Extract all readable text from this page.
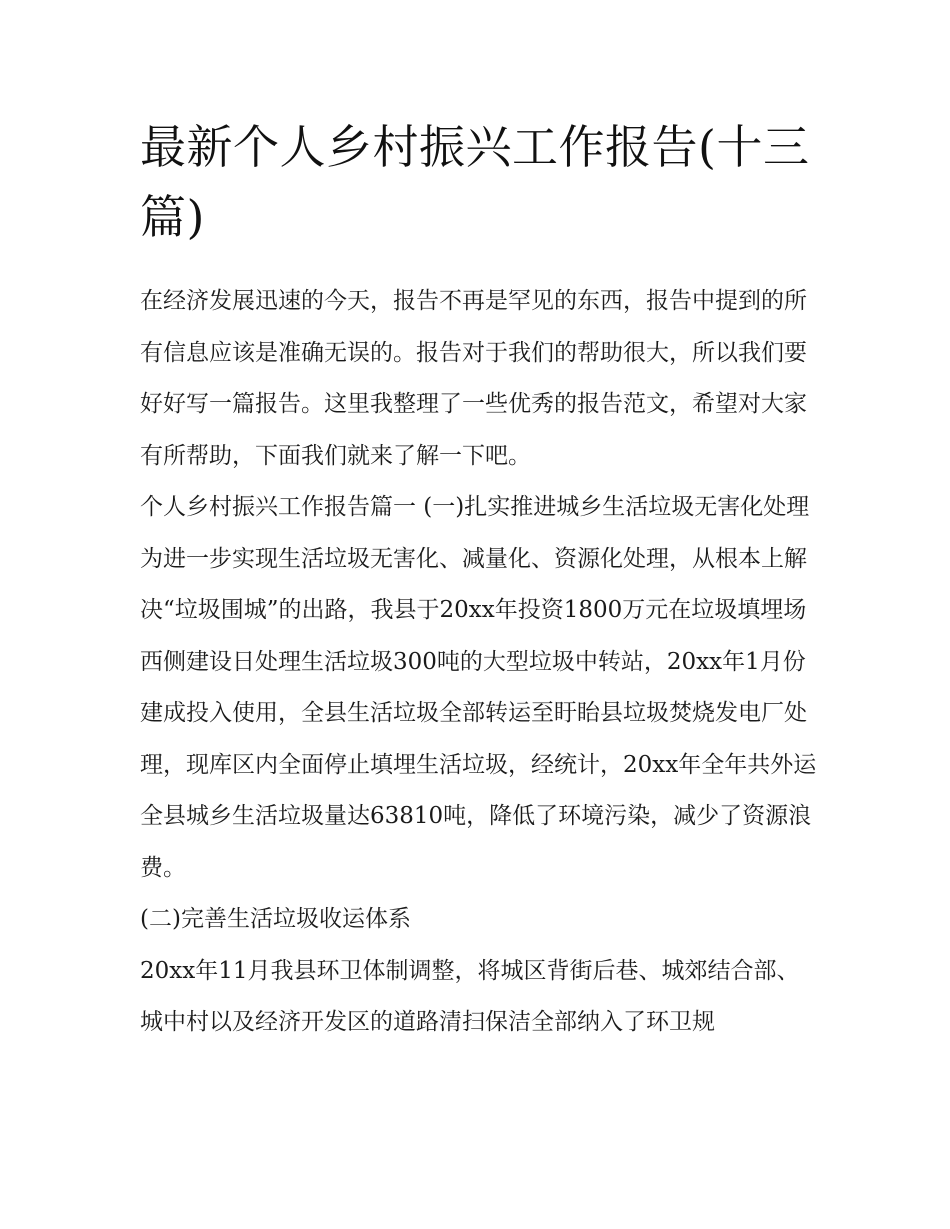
最新个人乡村振兴工作报告(十三篇)

在经济发展迅速的今天，报告不再是罕见的东西，报告中提到的所有信息应该是准确无误的。报告对于我们的帮助很大，所以我们要好好写一篇报告。这里我整理了一些优秀的报告范文，希望对大家有所帮助，下面我们就来了解一下吧。

个人乡村振兴工作报告篇一 (一)扎实推进城乡生活垃圾无害化处理

为进一步实现生活垃圾无害化、减量化、资源化处理，从根本上解决“垃圾围城”的出路，我县于20xx年投资1800万元在垃圾填埋场西侧建设日处理生活垃圾300吨的大型垃圾中转站，20xx年1月份建成投入使用，全县生活垃圾全部转运至盱眙县垃圾焚烧发电厂处理，现库区内全面停止填埋生活垃圾，经统计，20xx年全年共外运全县城乡生活垃圾量达63810吨，降低了环境污染，减少了资源浪费。

(二)完善生活垃圾收运体系

20xx年11月我县环卫体制调整，将城区背街后巷、城郊结合部、城中村以及经济开发区的道路清扫保洁全部纳入了环卫规
